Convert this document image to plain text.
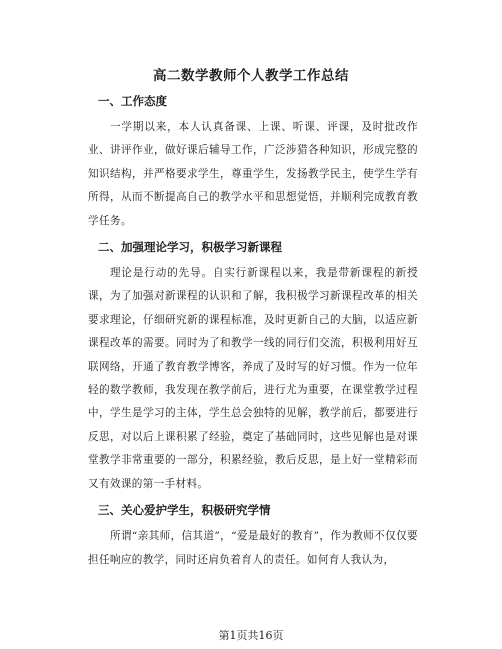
高二数学教师个人教学工作总结
一、工作态度

一学期以来，本人认真备课、上课、听课、评课，及时批改作业、讲评作业，做好课后辅导工作，广泛涉猎各种知识，形成完整的知识结构，并严格要求学生，尊重学生，发扬教学民主，使学生学有所得，从而不断提高自己的教学水平和思想觉悟，并顺利完成教育教学任务。

二、加强理论学习，积极学习新课程

理论是行动的先导。自实行新课程以来，我是带新课程的新授课，为了加强对新课程的认识和了解，我积极学习新课程改革的相关要求理论，仔细研究新的课程标准，及时更新自己的大脑，以适应新课程改革的需要。同时为了和教学一线的同行们交流，积极利用好互联网络，开通了教育教学博客，养成了及时写的好习惯。作为一位年轻的数学教师，我发现在教学前后，进行尤为重要，在课堂教学过程中，学生是学习的主体，学生总会独特的见解，教学前后，都要进行反思，对以后上课积累了经验，奠定了基础同时，这些见解也是对课堂教学非常重要的一部分，积累经验，教后反思，是上好一堂精彩而又有效课的第一手材料。

三、关心爱护学生，积极研究学情

所谓“亲其师，信其道”，“爱是最好的教育”，作为教师不仅仅要担任响应的教学，同时还肩负着育人的责任。如何育人我认为，

第1页共16页
